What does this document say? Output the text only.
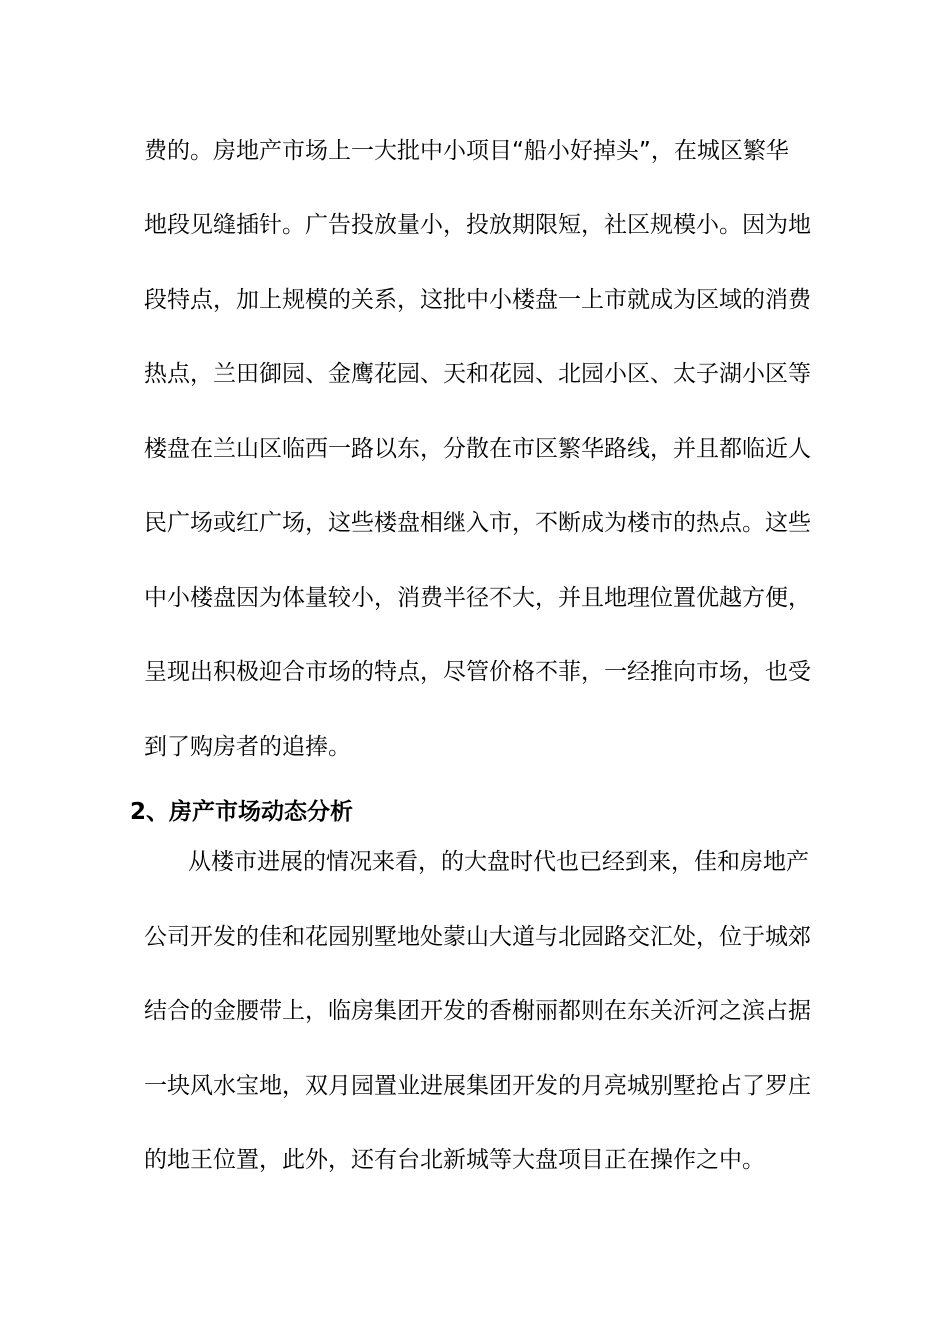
费的。房地产市场上一大批中小项目“船小好掉头”，在城区繁华
地段见缝插针。广告投放量小，投放期限短，社区规模小。因为地
段特点，加上规模的关系，这批中小楼盘一上市就成为区域的消费
热点，兰田御园、金鹰花园、天和花园、北园小区、太子湖小区等
楼盘在兰山区临西一路以东，分散在市区繁华路线，并且都临近人
民广场或红广场，这些楼盘相继入市，不断成为楼市的热点。这些
中小楼盘因为体量较小，消费半径不大，并且地理位置优越方便，
呈现出积极迎合市场的特点，尽管价格不菲，一经推向市场，也受
到了购房者的追捧。
2、房产市场动态分析
从楼市进展的情况来看，的大盘时代也已经到来，佳和房地产
公司开发的佳和花园别墅地处蒙山大道与北园路交汇处，位于城郊
结合的金腰带上，临房集团开发的香榭丽都则在东关沂河之滨占据
一块风水宝地，双月园置业进展集团开发的月亮城别墅抢占了罗庄
的地王位置，此外，还有台北新城等大盘项目正在操作之中。
